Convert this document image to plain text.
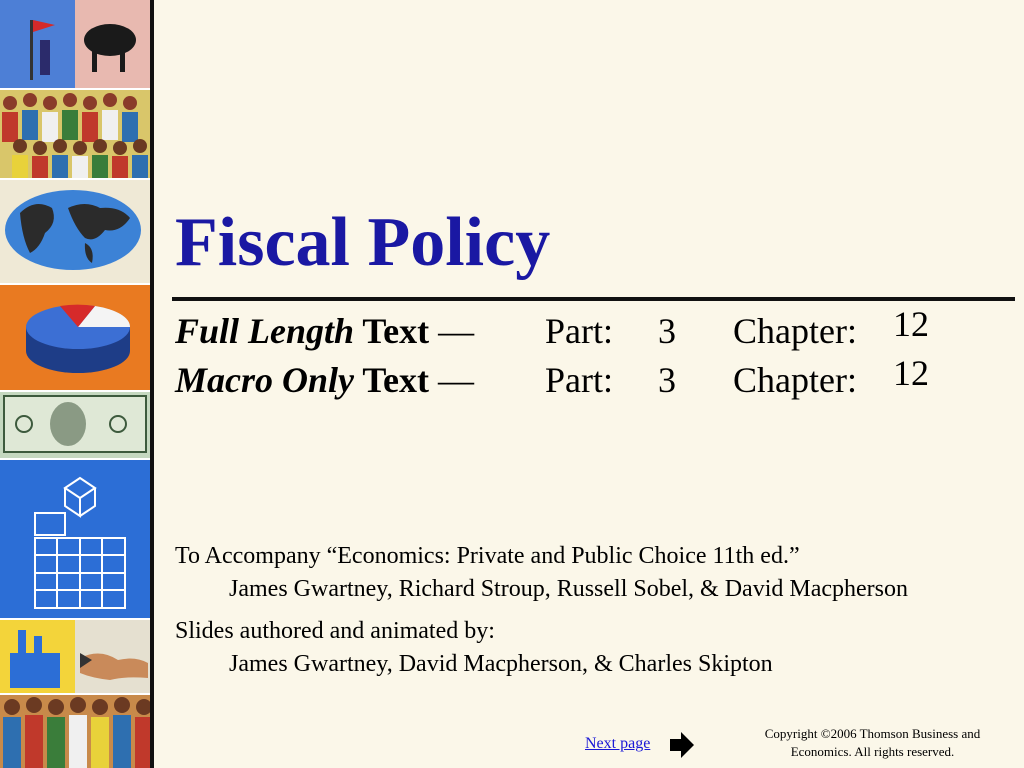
Fiscal Policy
Full Length Text — Part: 3 Chapter: 12
Macro Only Text — Part: 3 Chapter: 12
To Accompany “Economics: Private and Public Choice 11th ed.”
James Gwartney, Richard Stroup, Russell Sobel, & David Macpherson
Slides authored and animated by:
James Gwartney, David Macpherson, & Charles Skipton
Next page
Copyright ©2006 Thomson Business and
Economics. All rights reserved.
